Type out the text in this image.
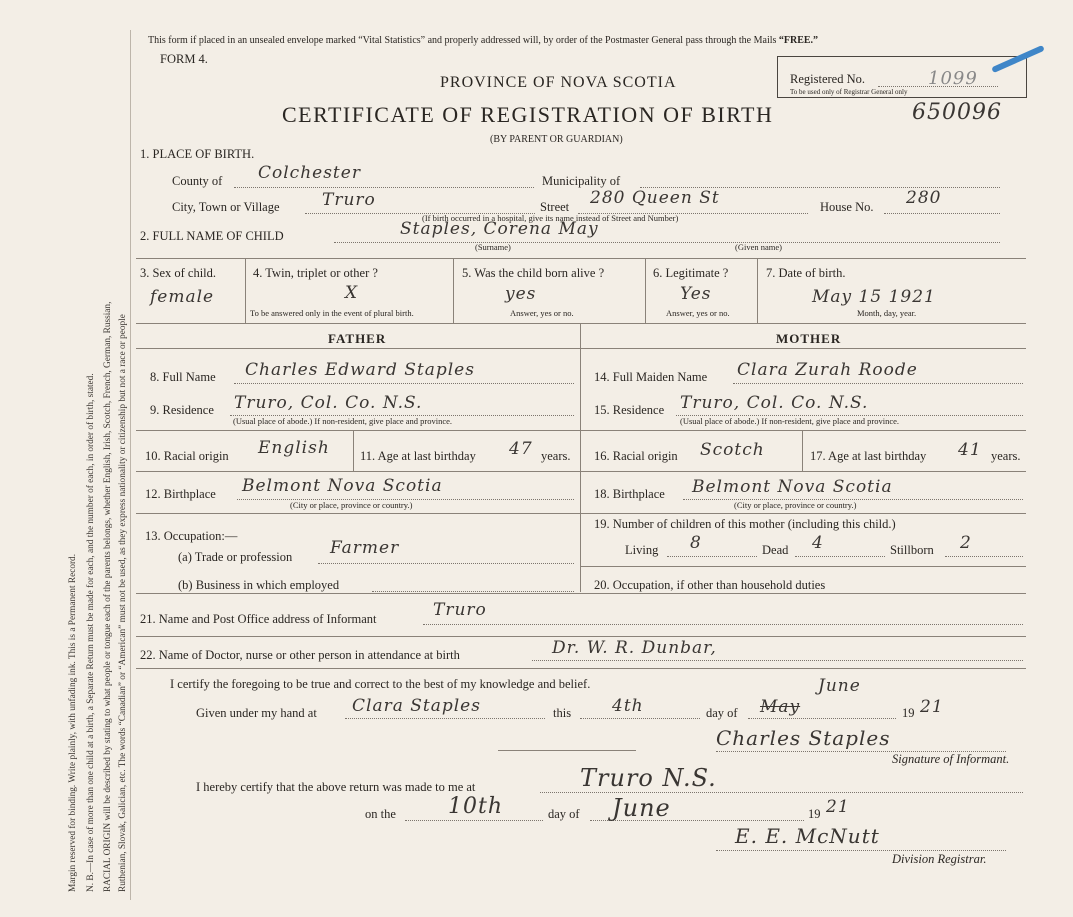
Margin reserved for binding. Write plainly, with unfading ink. This is a Permanent Record. N. B.—In case of more than one child at a birth, a Separate Return must be made for each, and the number of each, in order of birth, stated. RACIAL ORIGIN will be described by stating to what people or tongue each of the parents belongs, whether English, Irish, Scotch, French, German, Russian, Ruthenian, Slovak, Galician, etc. The words “Canadian” or “American” must not be used, as they express nationality or citizenship but not a race or people
This form if placed in an unsealed envelope marked “Vital Statistics” and properly addressed will, by order of the Postmaster General pass through the Mails “FREE.”
FORM 4.
PROVINCE OF NOVA SCOTIA
CERTIFICATE OF REGISTRATION OF BIRTH
(BY PARENT OR GUARDIAN)
Registered No.	1099
To be used only of Registrar General only
650096
1. PLACE OF BIRTH.
County of Colchester	Municipality of
City, Town or Village Truro	Street 280 Queen St	House No. 280
(If birth occurred in a hospital, give its name instead of Street and Number)
2. FULL NAME OF CHILD	Staples, Corena May
(Surname)	(Given name)
3. Sex of child.
female
4. Twin, triplet or other ?
X
To be answered only in the event of plural birth.
5. Was the child born alive ?
yes
Answer, yes or no.
6. Legitimate ?
Yes
Answer, yes or no.
7. Date of birth.
May 15 1921
Month, day, year.
FATHER	MOTHER
8. Full Name Charles Edward Staples
9. Residence Truro, Col. Co. N.S.
(Usual place of abode.) If non-resident, give place and province.
10. Racial origin English 11. Age at last birthday 47 years.
12. Birthplace Belmont Nova Scotia
(City or place, province or country.)
13. Occupation:—
(a) Trade or profession Farmer
(b) Business in which employed
14. Full Maiden Name Clara Zurah Roode
15. Residence Truro, Col. Co. N.S.
(Usual place of abode.) If non-resident, give place and province.
16. Racial origin Scotch	17. Age at last birthday 41 years.
18. Birthplace Belmont Nova Scotia
(City or place, province or country.)
19. Number of children of this mother (including this child.)
Living 8	Dead 4	Stillborn 2
20. Occupation, if other than household duties
21. Name and Post Office address of Informant	Truro
22. Name of Doctor, nurse or other person in attendance at birth	Dr. W. R. Dunbar,
I certify the foregoing to be true and correct to the best of my knowledge and belief.
Given under my hand at Clara Staples	this 4th	day of May
June
19 21
Charles Staples
Signature of Informant.
I hereby certify that the above return was made to me at	Truro N.S.
on the 10th	day of June	19 21
E. E. McNutt
Division Registrar.
